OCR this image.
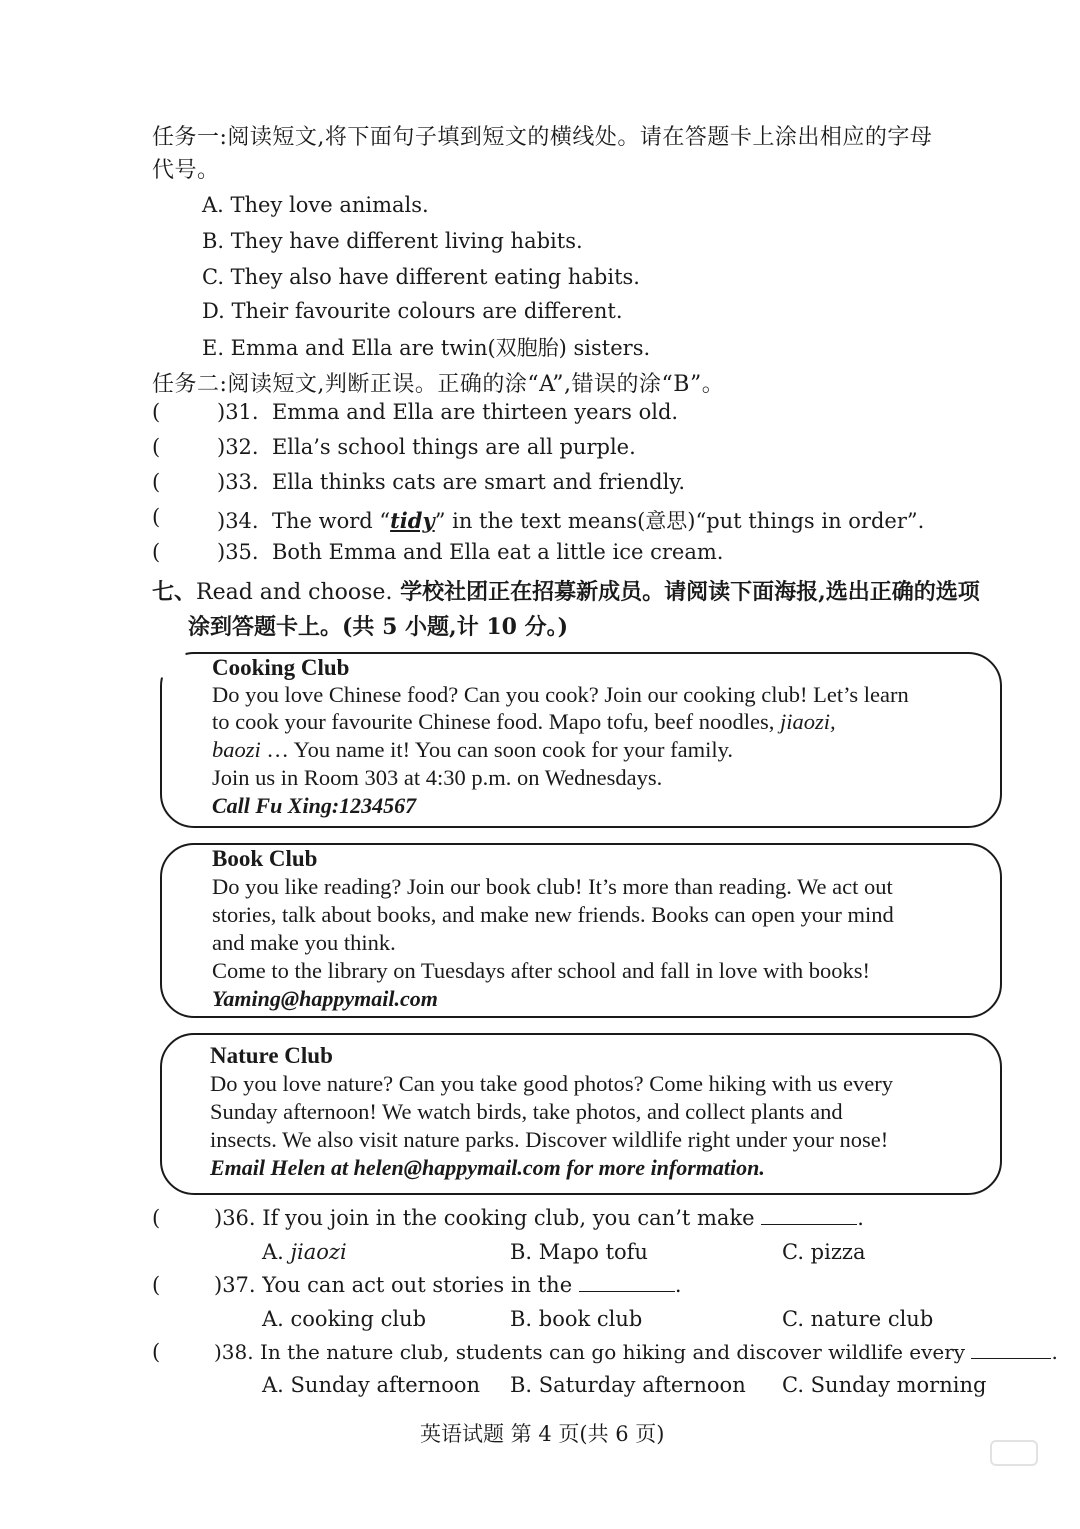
任务一:阅读短文,将下面句子填到短文的横线处。请在答题卡上涂出相应的字母
代号。
A. They love animals.
B. They have different living habits.
C. They also have different eating habits.
D. Their favourite colours are different.
E. Emma and Ella are twin(双胞胎) sisters.
任务二:阅读短文,判断正误。正确的涂“A”,错误的涂“B”。
(	)31. Emma and Ella are thirteen years old.
(	)32. Ella’s school things are all purple.
(	)33. Ella thinks cats are smart and friendly.
(	)34. The word “tidy” in the text means(意思)“put things in order”.
(	)35. Both Emma and Ella eat a little ice cream.
七、Read and choose. 学校社团正在招募新成员。请阅读下面海报,选出正确的选项
涂到答题卡上。(共 5 小题,计 10 分。)
Cooking Club
Do you love Chinese food? Can you cook? Join our cooking club! Let’s learn
to cook your favourite Chinese food. Mapo tofu, beef noodles, jiaozi,
baozi … You name it! You can soon cook for your family.
Join us in Room 303 at 4:30 p.m. on Wednesdays.
Call Fu Xing:1234567
Book Club
Do you like reading? Join our book club! It’s more than reading. We act out
stories, talk about books, and make new friends. Books can open your mind
and make you think.
Come to the library on Tuesdays after school and fall in love with books!
Yaming@happymail.com
Nature Club
Do you love nature? Can you take good photos? Come hiking with us every
Sunday afternoon! We watch birds, take photos, and collect plants and
insects. We also visit nature parks. Discover wildlife right under your nose!
Email Helen at helen@happymail.com for more information.
(	)36. If you join in the cooking club, you can’t make	.
A. jiaozi	B. Mapo tofu	C. pizza
(	)37. You can act out stories in the	.
A. cooking club	B. book club	C. nature club
(	)38. In the nature club, students can go hiking and discover wildlife every	.
A. Sunday afternoon B. Saturday afternoon C. Sunday morning
英语试题 第 4 页(共 6 页)
